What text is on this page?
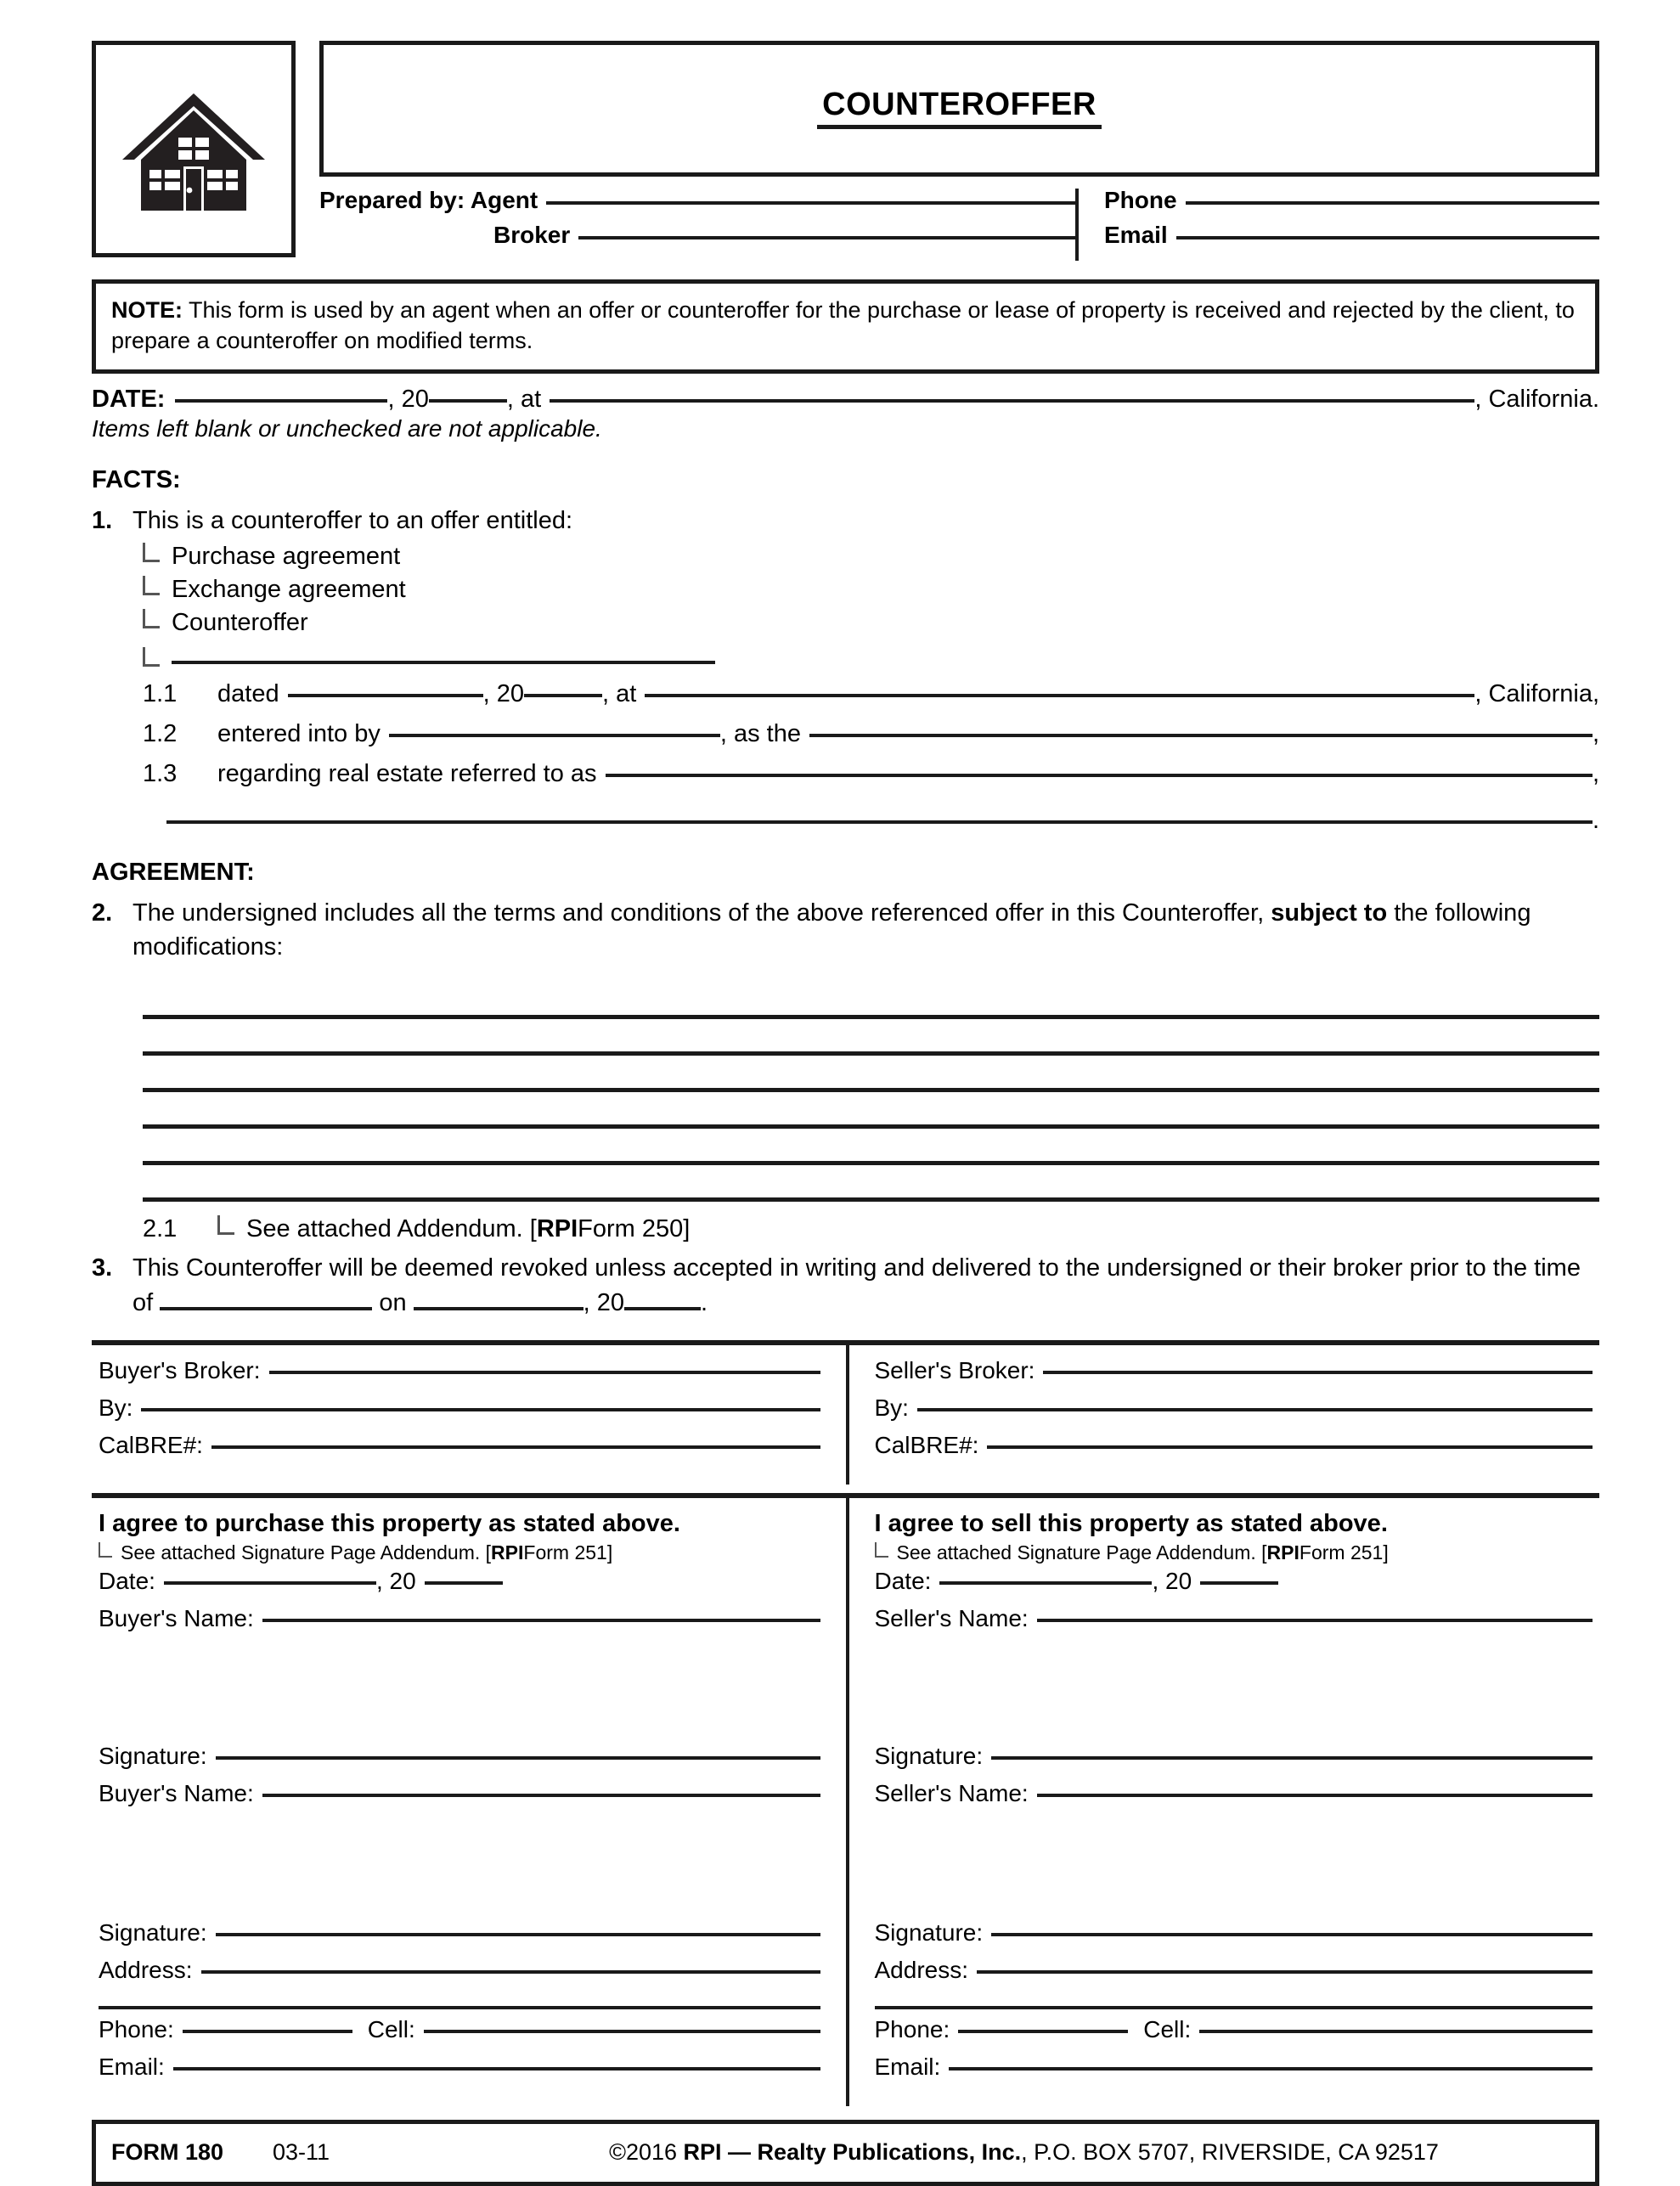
COUNTEROFFER
Prepared by: Agent
Broker
Phone
Email
NOTE: This form is used by an agent when an offer or counteroffer for the purchase or lease of property is received and rejected by the client, to prepare a counteroffer on modified terms.
DATE:	, 20	, at	, California.
Items left blank or unchecked are not applicable.
FACTS:
1. This is a counteroffer to an offer entitled:
Purchase agreement
Exchange agreement
Counteroffer
1.1	dated	, 20	, at	, California,
1.2	entered into by	, as the	,
1.3	regarding real estate referred to as	,
.
AGREEMENT:
2. The undersigned includes all the terms and conditions of the above referenced offer in this Counteroffer, subject to the following modifications:
2.1	See attached Addendum. [ RPI Form 250]
3. This Counteroffer will be deemed revoked unless accepted in writing and delivered to the undersigned or their broker prior to the time of	on	, 20	.
Buyer's Broker:
By:
CalBRE#:
Seller's Broker:
By:
CalBRE#:
I agree to purchase this property as stated above.
See attached Signature Page Addendum. [ RPI Form 251]
Date:	, 20
Buyer's Name:
Signature:
Buyer's Name:
Signature:
Address:
Phone:	Cell:
Email:
I agree to sell this property as stated above.
See attached Signature Page Addendum. [ RPI Form 251]
Date:	, 20
Seller's Name:
Signature:
Seller's Name:
Signature:
Address:
Phone:	Cell:
Email:
FORM 180	03-11	©2016 RPI — Realty Publications, Inc., P.O. BOX 5707, RIVERSIDE, CA 92517
